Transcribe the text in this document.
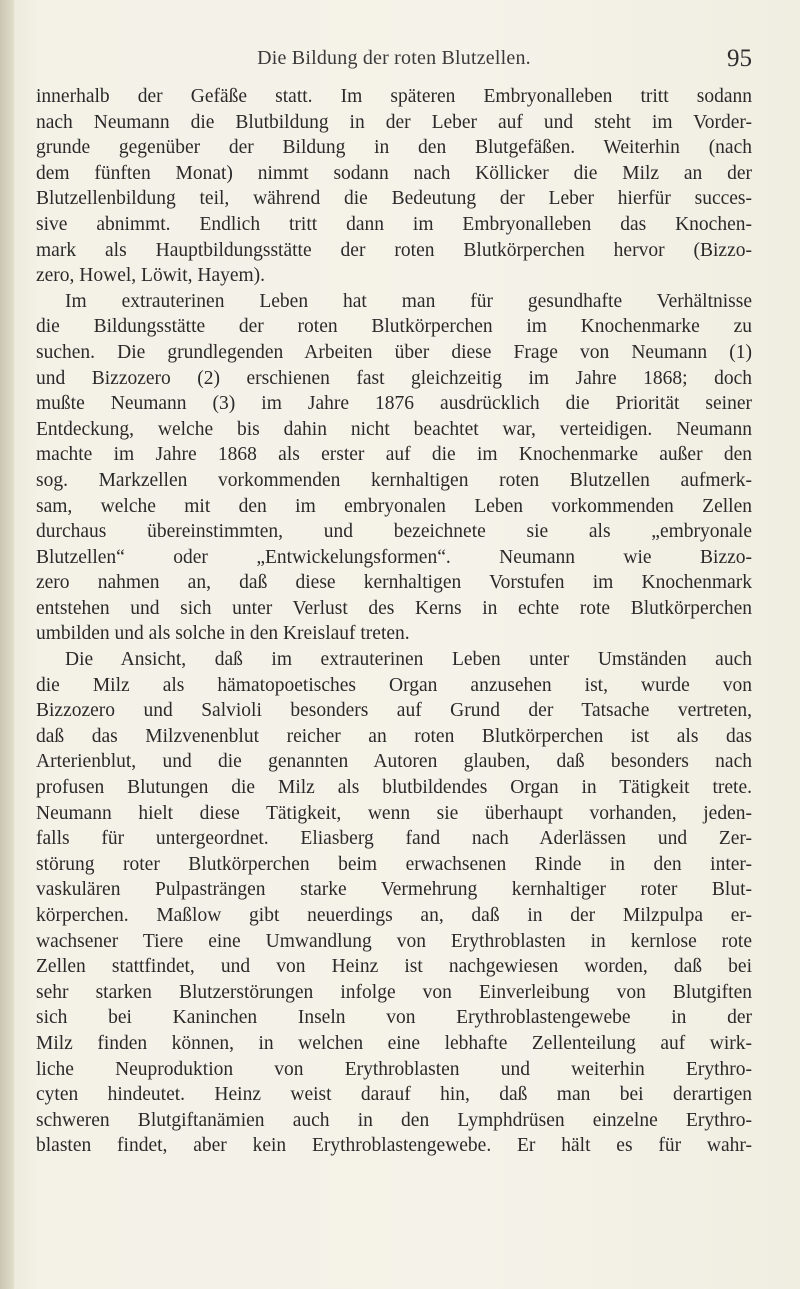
Die Bildung der roten Blutzellen.	95
innerhalb der Gefäße statt. Im späteren Embryonalleben tritt sodann
nach Neumann die Blutbildung in der Leber auf und steht im Vorder-
grunde gegenüber der Bildung in den Blutgefäßen. Weiterhin (nach
dem fünften Monat) nimmt sodann nach Köllicker die Milz an der
Blutzellenbildung teil, während die Bedeutung der Leber hierfür succes-
sive abnimmt. Endlich tritt dann im Embryonalleben das Knochen-
mark als Hauptbildungsstätte der roten Blutkörperchen hervor (Bizzo-
zero, Howel, Löwit, Hayem).
Im extrauterinen Leben hat man für gesundhafte Verhältnisse
die Bildungsstätte der roten Blutkörperchen im Knochenmarke zu
suchen. Die grundlegenden Arbeiten über diese Frage von Neumann (1)
und Bizzozero (2) erschienen fast gleichzeitig im Jahre 1868; doch
mußte Neumann (3) im Jahre 1876 ausdrücklich die Priorität seiner
Entdeckung, welche bis dahin nicht beachtet war, verteidigen. Neumann
machte im Jahre 1868 als erster auf die im Knochenmarke außer den
sog. Markzellen vorkommenden kernhaltigen roten Blutzellen aufmerk-
sam, welche mit den im embryonalen Leben vorkommenden Zellen
durchaus übereinstimmten, und bezeichnete sie als „embryonale
Blutzellen“ oder „Entwickelungsformen“. Neumann wie Bizzo-
zero nahmen an, daß diese kernhaltigen Vorstufen im Knochenmark
entstehen und sich unter Verlust des Kerns in echte rote Blutkörperchen
umbilden und als solche in den Kreislauf treten.
Die Ansicht, daß im extrauterinen Leben unter Umständen auch
die Milz als hämatopoetisches Organ anzusehen ist, wurde von
Bizzozero und Salvioli besonders auf Grund der Tatsache vertreten,
daß das Milzvenenblut reicher an roten Blutkörperchen ist als das
Arterienblut, und die genannten Autoren glauben, daß besonders nach
profusen Blutungen die Milz als blutbildendes Organ in Tätigkeit trete.
Neumann hielt diese Tätigkeit, wenn sie überhaupt vorhanden, jeden-
falls für untergeordnet. Eliasberg fand nach Aderlässen und Zer-
störung roter Blutkörperchen beim erwachsenen Rinde in den inter-
vaskulären Pulpasträngen starke Vermehrung kernhaltiger roter Blut-
körperchen. Maßlow gibt neuerdings an, daß in der Milzpulpa er-
wachsener Tiere eine Umwandlung von Erythroblasten in kernlose rote
Zellen stattfindet, und von Heinz ist nachgewiesen worden, daß bei
sehr starken Blutzerstörungen infolge von Einverleibung von Blutgiften
sich bei Kaninchen Inseln von Erythroblastengewebe in der
Milz finden können, in welchen eine lebhafte Zellenteilung auf wirk-
liche Neuproduktion von Erythroblasten und weiterhin Erythro-
cyten hindeutet. Heinz weist darauf hin, daß man bei derartigen
schweren Blutgiftanämien auch in den Lymphdrüsen einzelne Erythro-
blasten findet, aber kein Erythroblastengewebe. Er hält es für wahr-
